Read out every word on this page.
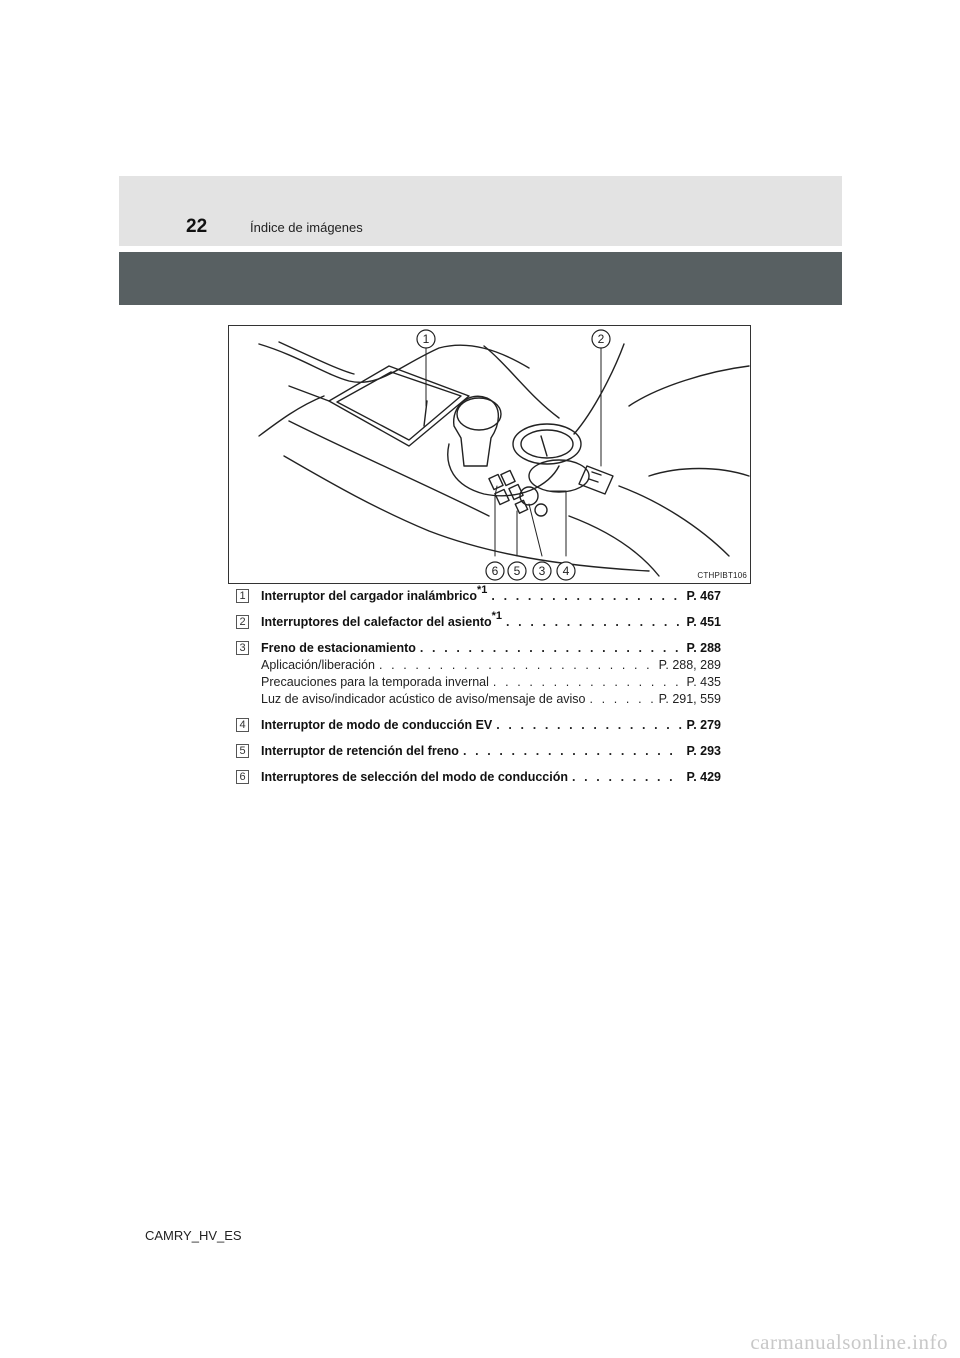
22	Índice de imágenes
1	2
6 5 3 4	CTHPIBT106
1 Interruptor del cargador inalámbrico$^{*1}$ . . .	P. 467
2 Interruptores del calefactor del asiento$^{*1}$ . . .	P. 451
3 Freno de estacionamiento . . .	P. 288
Aplicación/liberación . . .	P. 288, 289
Precauciones para la temporada invernal . . .	P. 435
Luz de aviso/indicador acústico de aviso/mensaje de aviso . . .	P. 291, 559
4 Interruptor de modo de conducción EV . . .	P. 279
5 Interruptor de retención del freno . . .	P. 293
6 Interruptores de selección del modo de conducción . . .	P. 429
CAMRY_HV_ES
carmanualsonline.info
